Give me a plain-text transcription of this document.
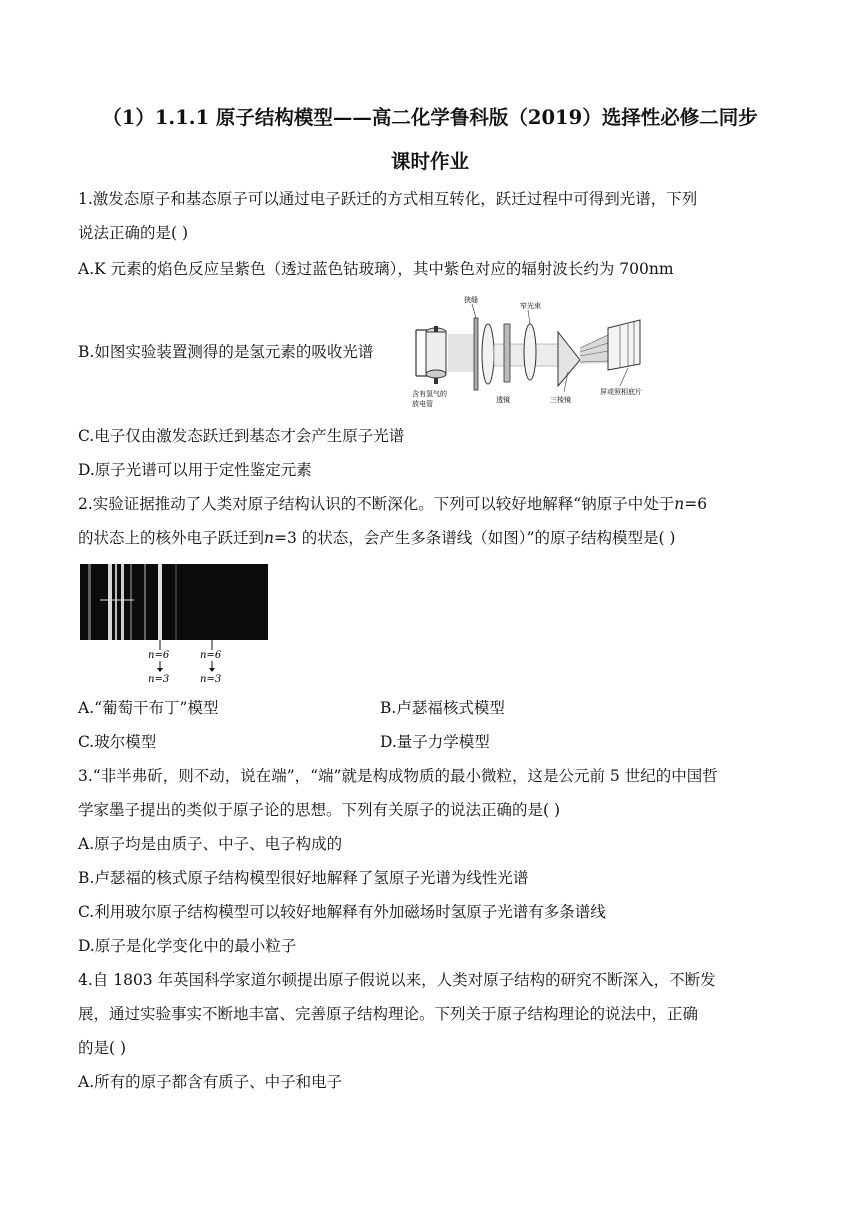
（1）1.1.1 原子结构模型——高二化学鲁科版（2019）选择性必修二同步
课时作业
1.激发态原子和基态原子可以通过电子跃迁的方式相互转化，跃迁过程中可得到光谱，下列
说法正确的是( )
A.K 元素的焰色反应呈紫色（透过蓝色钴玻璃），其中紫色对应的辐射波长约为 700nm
B.如图实验装置测得的是氢元素的吸收光谱
狭缝
窄光束
含有氢气的
放电管	透镜	三棱镜
屏或照相底片
C.电子仅由激发态跃迁到基态才会产生原子光谱
D.原子光谱可以用于定性鉴定元素
2.实验证据推动了人类对原子结构认识的不断深化。下列可以较好地解释“钠原子中处于n=6
的状态上的核外电子跃迁到n=3 的状态，会产生多条谱线（如图）”的原子结构模型是( )
n=6	n=6
n=3	n=3
A.“葡萄干布丁”模型	B.卢瑟福核式模型
C.玻尔模型	D.量子力学模型
3.“非半弗斫，则不动，说在端”，“端”就是构成物质的最小微粒，这是公元前 5 世纪的中国哲
学家墨子提出的类似于原子论的思想。下列有关原子的说法正确的是( )
A.原子均是由质子、中子、电子构成的
B.卢瑟福的核式原子结构模型很好地解释了氢原子光谱为线性光谱
C.利用玻尔原子结构模型可以较好地解释有外加磁场时氢原子光谱有多条谱线
D.原子是化学变化中的最小粒子
4.自 1803 年英国科学家道尔顿提出原子假说以来，人类对原子结构的研究不断深入，不断发
展，通过实验事实不断地丰富、完善原子结构理论。下列关于原子结构理论的说法中，正确
的是( )
A.所有的原子都含有质子、中子和电子
